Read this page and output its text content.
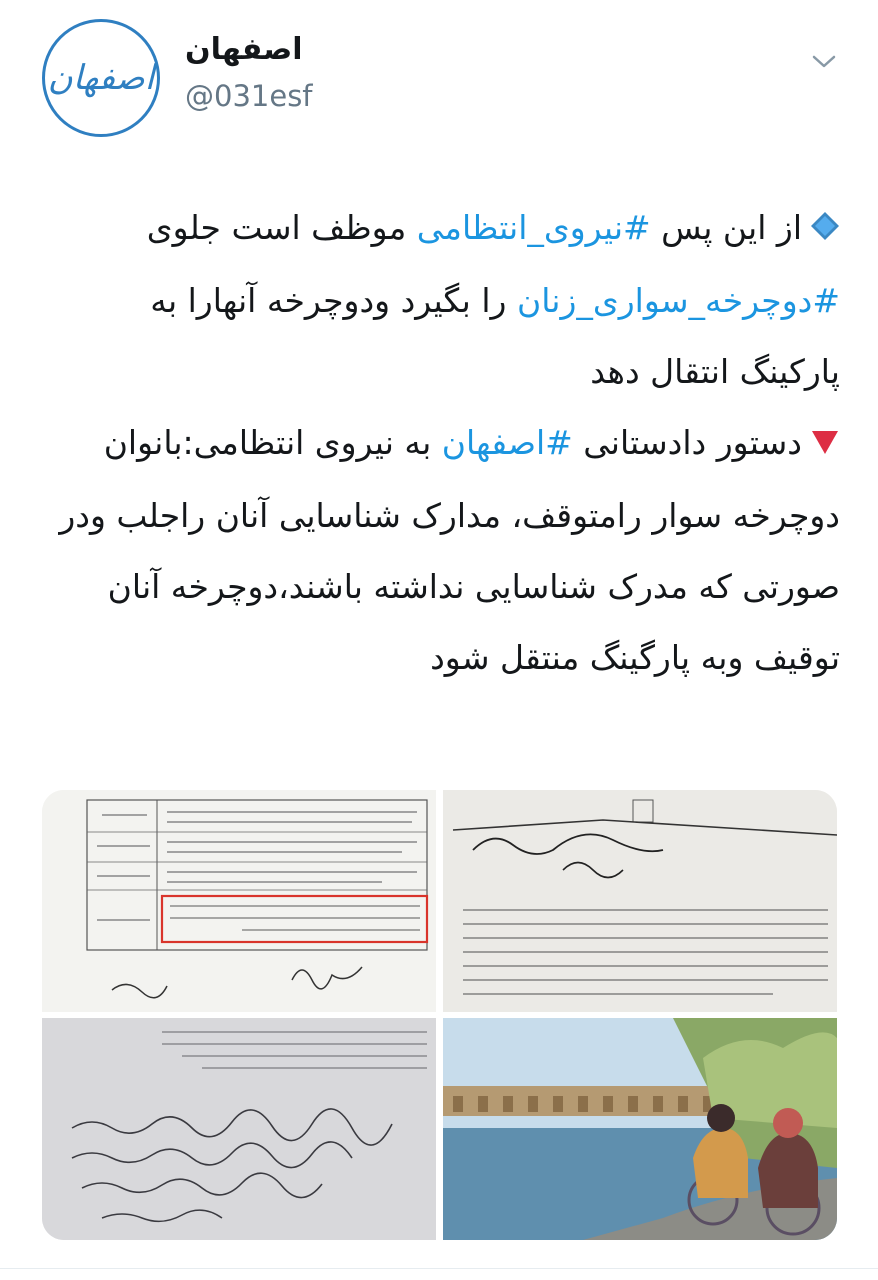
اصفهان
اصفهان
@031esf

از این پس #نیروی_انتظامی موظف است جلوی #دوچرخه_سواری_زنان را بگیرد ودوچرخه آنهارا به پارکینگ انتقال دهد

دستور دادستانی #اصفهان به نیروی انتظامی:بانوان دوچرخه سوار رامتوقف، مدارک شناسایی آنان راجلب ودر صورتی که مدرک شناسایی نداشته باشند،دوچرخه آنان توقیف وبه پارگینگ منتقل شود
